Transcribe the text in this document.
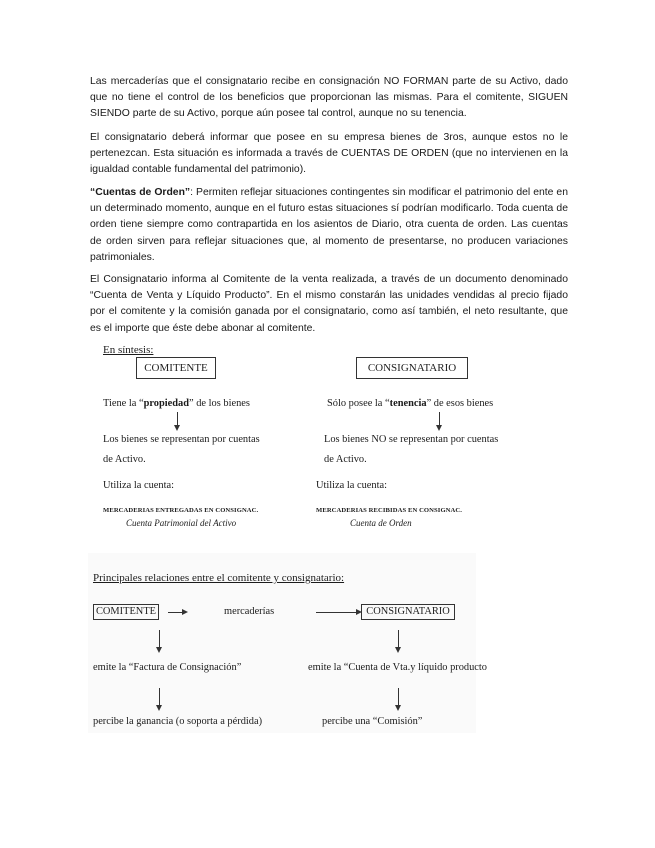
Las mercaderías que el consignatario recibe en consignación NO FORMAN parte de su Activo, dado que no tiene el control de los beneficios que proporcionan las mismas. Para el comitente, SIGUEN SIENDO parte de su Activo, porque aún posee tal control, aunque no su tenencia.

El consignatario deberá informar que posee en su empresa bienes de 3ros, aunque estos no le pertenezcan. Esta situación es informada a través de CUENTAS DE ORDEN (que no intervienen en la igualdad contable fundamental del patrimonio).

“Cuentas de Orden”: Permiten reflejar situaciones contingentes sin modificar el patrimonio del ente en un determinado momento, aunque en el futuro estas situaciones sí podrían modificarlo. Toda cuenta de orden tiene siempre como contrapartida en los asientos de Diario, otra cuenta de orden. Las cuentas de orden sirven para reflejar situaciones que, al momento de presentarse, no producen variaciones patrimoniales.

El Consignatario informa al Comitente de la venta realizada, a través de un documento denominado “Cuenta de Venta y Líquido Producto”. En el mismo constarán las unidades vendidas al precio fijado por el comitente y la comisión ganada por el consignatario, como así también, el neto resultante, que es el importe que éste debe abonar al comitente.

En síntesis:
COMITENTE	CONSIGNATARIO
Tiene la “propiedad” de los bienes	Sólo posee la “tenencia” de esos bienes
Los bienes se representan por cuentas
de Activo.
Los bienes NO se representan por cuentas
de Activo.
Utiliza la cuenta:	Utiliza la cuenta:
MERCADERIAS ENTREGADAS EN CONSIGNAC.
Cuenta Patrimonial del Activo
MERCADERIAS RECIBIDAS EN CONSIGNAC.
Cuenta de Orden
Principales relaciones entre el comitente y consignatario:
COMITENTE	mercaderías	CONSIGNATARIO
emite la “Factura de Consignación”	emite la “Cuenta de Vta.y líquido producto
percibe la ganancia (o soporta a pérdida)	percibe una “Comisión”
